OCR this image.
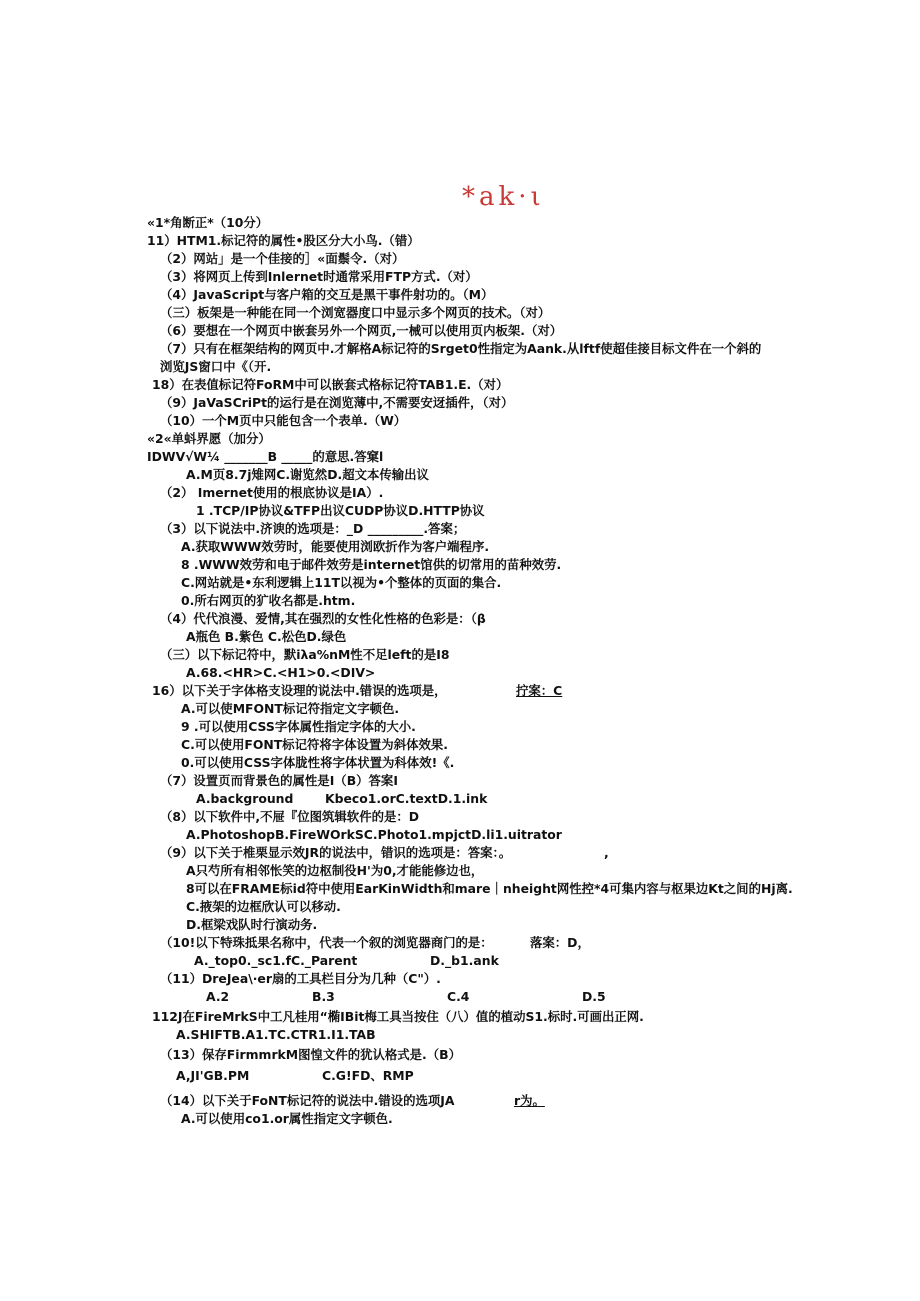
*ak·ι
«1*角断正*（10分）
11）HTM1.标记符的属性•股区分大小鸟.（错）
（2）网站」是一个佳接的］«面鬃令.（对）
（3）将网页上传到Inlernet时通常采用FTP方式.（对）
（4）JavaScript与客户箱的交互是黑干事件射功的。（M）
（三）板架是一种能在同一个浏宽器度口中显示多个网页的技术。（对）
（6）要想在一个网页中嵌套另外一个网页,一械可以使用页内板架.（对）
（7）只有在框架结构的网页中.才解格A标记符的Srget0性指定为Aank.从lftf使超佳接目标文件在一个斜的
浏览JS窗口中《（开.
18）在表值标记符FoRM中可以嵌套式格标记符TAB1.E.（对）
（9）JaVaSCriPt的运行是在浏览薄中,不需要安迓插件，（对）
（10）一个M页中只能包含一个表单.（W）
«2«单蚪界愿（加分）
IDWV√W¼ _______B _____的意思.答窠l
A.M页8.7j雉网C.谢览然D.超文本传输出议
（2） Imernet使用的根底协议是IA）.
1 .TCP/IP协议&TFP出议CUDP协议D.HTTP协议
（3）以下说法中.济谀的选项是：_D _________.答案；
A.获取WWW效劳时，能要使用浏欧折作为客户端程序.
8 .WWW效劳和电于邮件效劳是internet馆供的切常用的苗种效劳.
C.网站就是•东利逻辑上11T以视为•个整体的页面的集合.
0.所右网页的犷收名都是.htm.
（4）代代浪漫、爱情,其在强烈的女性化性格的色彩是：（β
A瓶色 B.紫色 C.松色D.绿色
（三）以下标记符中，默iλa%nM性不足left的是I8
A.68.<HR>C.<H1>0.<DIV>
16）以下关于字体格支设理的说法中.错误的选项是，	拧案：C
A.可以使MFONT标记符指定文字顿色.
9 .可以使用CSS字体属性指定字体的大小.
C.可以使用FONT标记符将字体设置为斜体效果.
0.可以使用CSS字体胧性将字体状置为科体效!《.
（7）设置页而背景色的属性是I（B）答案I
A.background	Kbeco1.orC.textD.1.ink
（8）以下软件中,不屉『位图筑辑软件的是：D
A.PhotoshopB.FireWOrkSC.Photo1.mpjctD.li1.uitrator
（9）以下关于椎栗显示效JR的说法中，错识的选项是：答案：。	,
A只芍所有相邻怅笑的边枢制役H'为0,才能能修边也，
8可以在FRAME标id符中使用EarKinWidth和mare｜nheight网性控*4可集内容与枢果边Kt之间的Hj离.
C.掖架的边框欣认可以移动.
D.框梁戏队时行演动务.
（10!以下特珠抵果名称中，代表一个叙的浏览器商门的是：	落案：D，
A._top0._sc1.fC._Parent	D._b1.ank
（11）DreJea\·er扇的工具栏目分为几种（C"）.
A.2	B.3	C.4	D.5
112J在FireMrkS中工凡桂用“椭IBit梅工具当按住（八）值的植动S1.标时.可画出正网.
A.SHIFTB.A1.TC.CTR1.I1.TAB
（13）保存FirmmrkM图惶文件的犹认格式是.（B）
A,JI'GB.PM	C.G!FD、RMP
（14）以下关于FoNT标记符的说法中.错设的选项JA	r为。
A.可以使用co1.or属性指定文字顿色.
